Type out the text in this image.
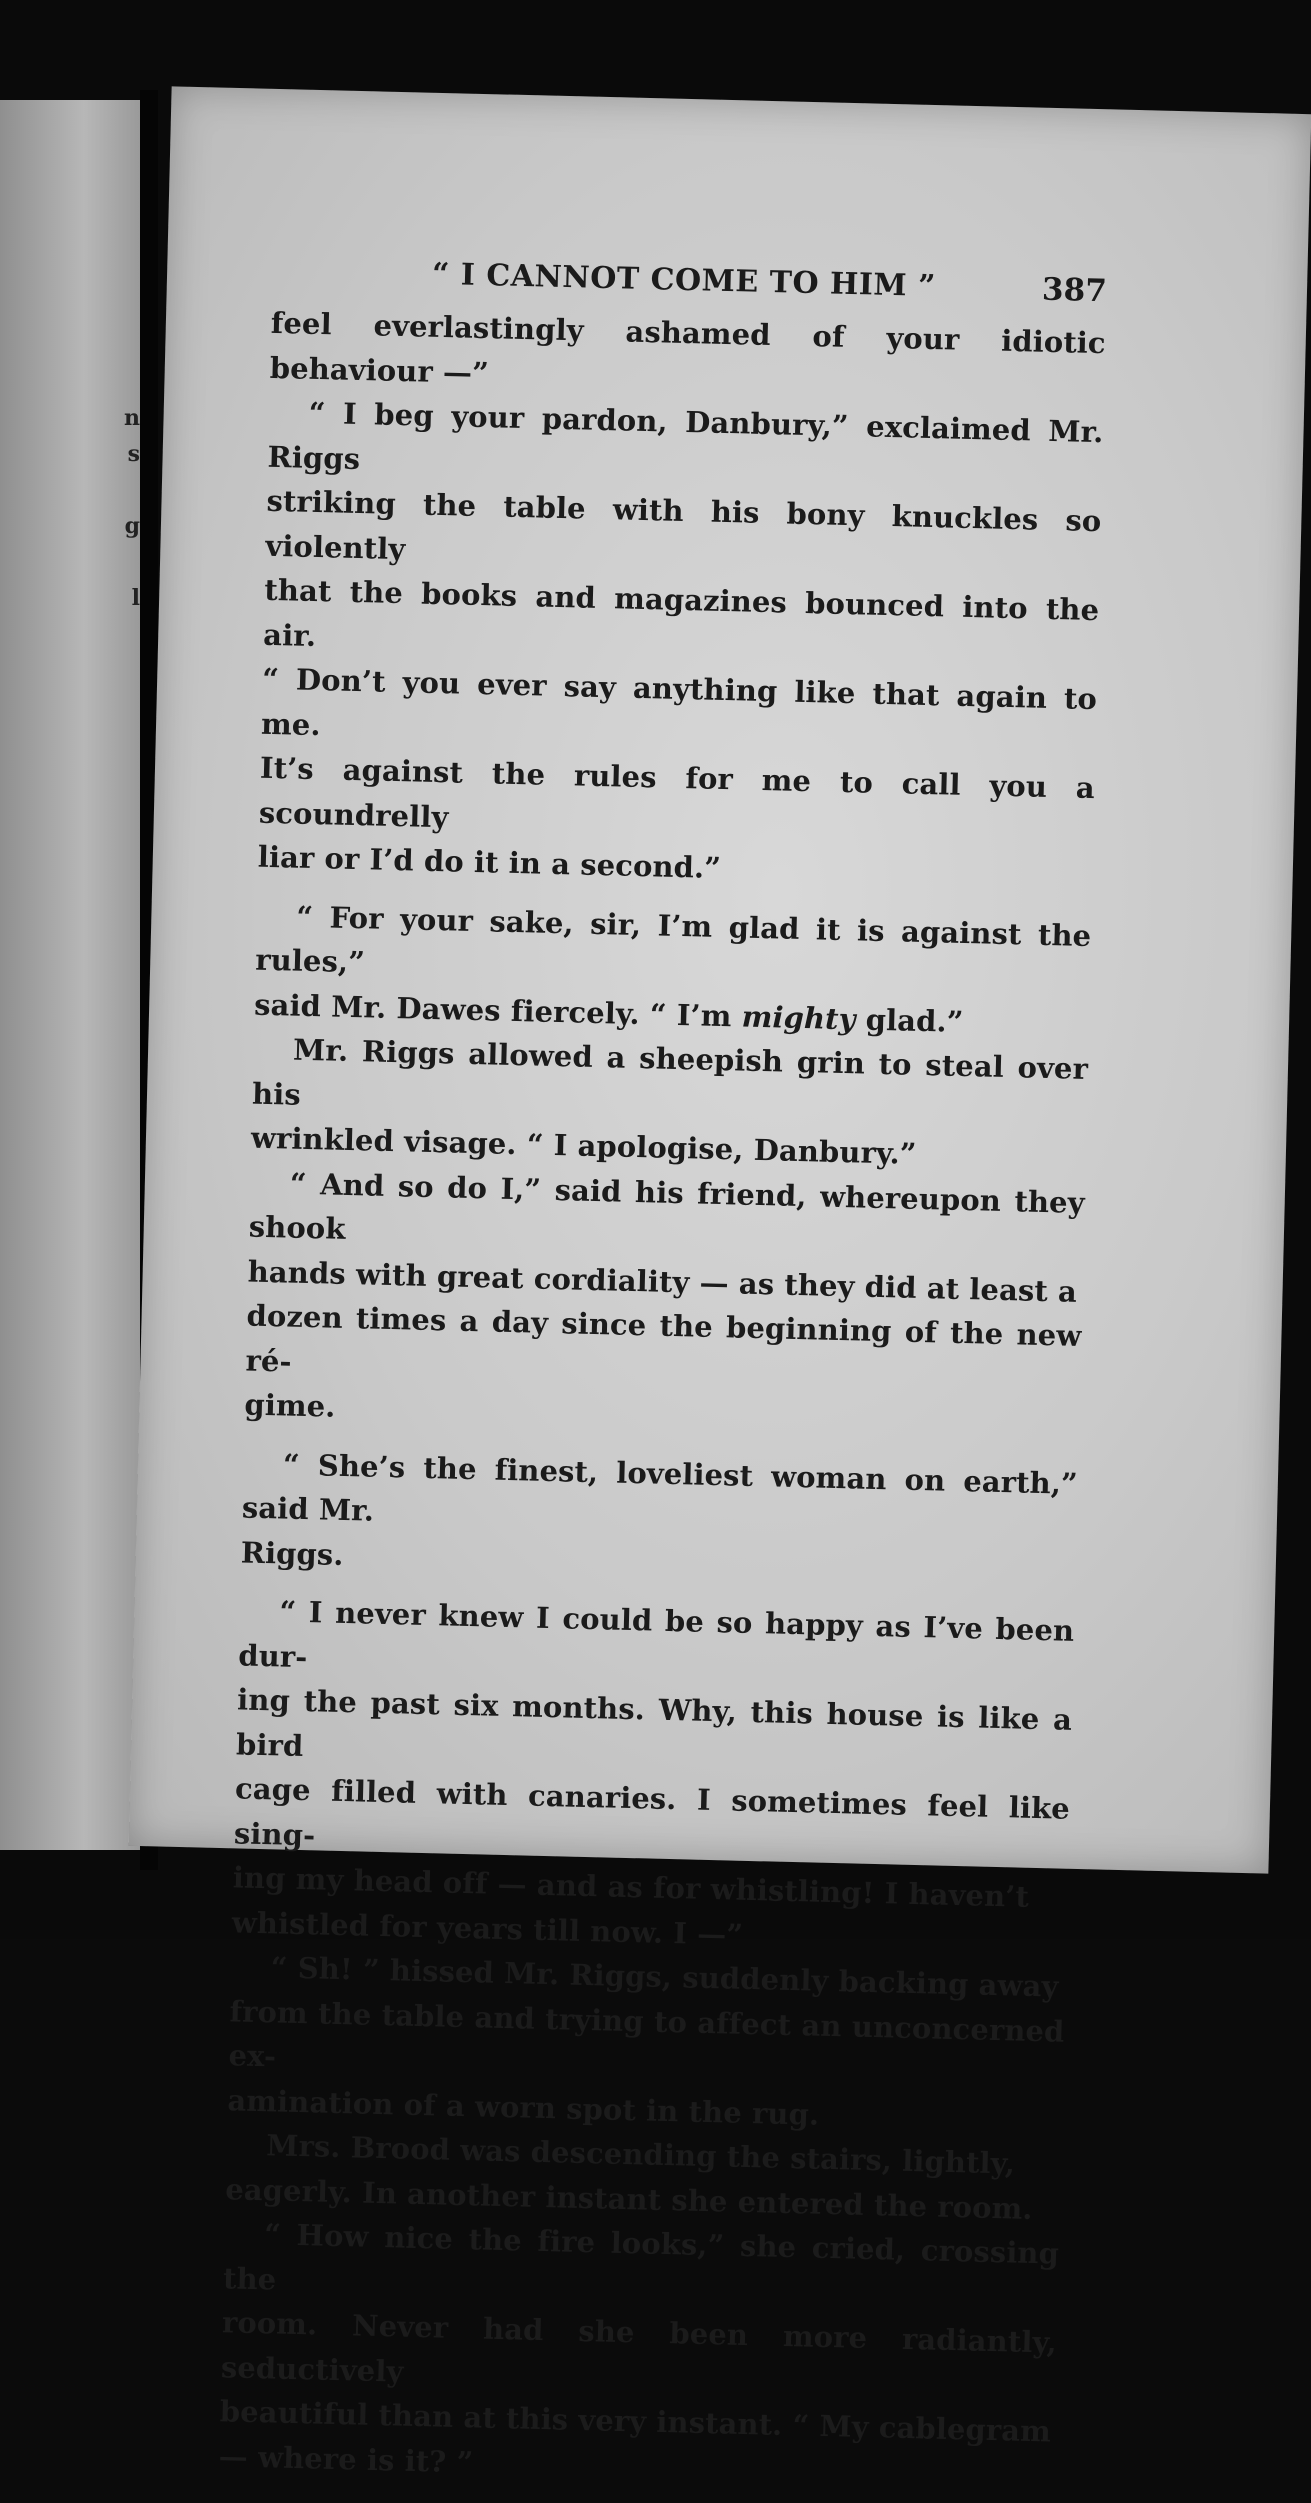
n
s

g

l
“ I CANNOT COME TO HIM ”	387
feel everlastingly ashamed of your idiotic behaviour —”
“ I beg your pardon, Danbury,” exclaimed Mr. Riggs
striking the table with his bony knuckles so violently
that the books and magazines bounced into the air.
“ Don’t you ever say anything like that again to me.
It’s against the rules for me to call you a scoundrelly
liar or I’d do it in a second.”
“ For your sake, sir, I’m glad it is against the rules,”
said Mr. Dawes fiercely. “ I’m mighty glad.”
Mr. Riggs allowed a sheepish grin to steal over his
wrinkled visage. “ I apologise, Danbury.”
“ And so do I,” said his friend, whereupon they shook
hands with great cordiality — as they did at least a
dozen times a day since the beginning of the new ré-
gime.
“ She’s the finest, loveliest woman on earth,” said Mr.
Riggs.
“ I never knew I could be so happy as I’ve been dur-
ing the past six months. Why, this house is like a bird
cage filled with canaries. I sometimes feel like sing-
ing my head off — and as for whistling! I haven’t
whistled for years till now. I —”
“ Sh! ” hissed Mr. Riggs, suddenly backing away
from the table and trying to affect an unconcerned ex-
amination of a worn spot in the rug.
Mrs. Brood was descending the stairs, lightly,
eagerly. In another instant she entered the room.
“ How nice the fire looks,” she cried, crossing the
room. Never had she been more radiantly, seductively
beautiful than at this very instant. “ My cablegram
— where is it? ”
